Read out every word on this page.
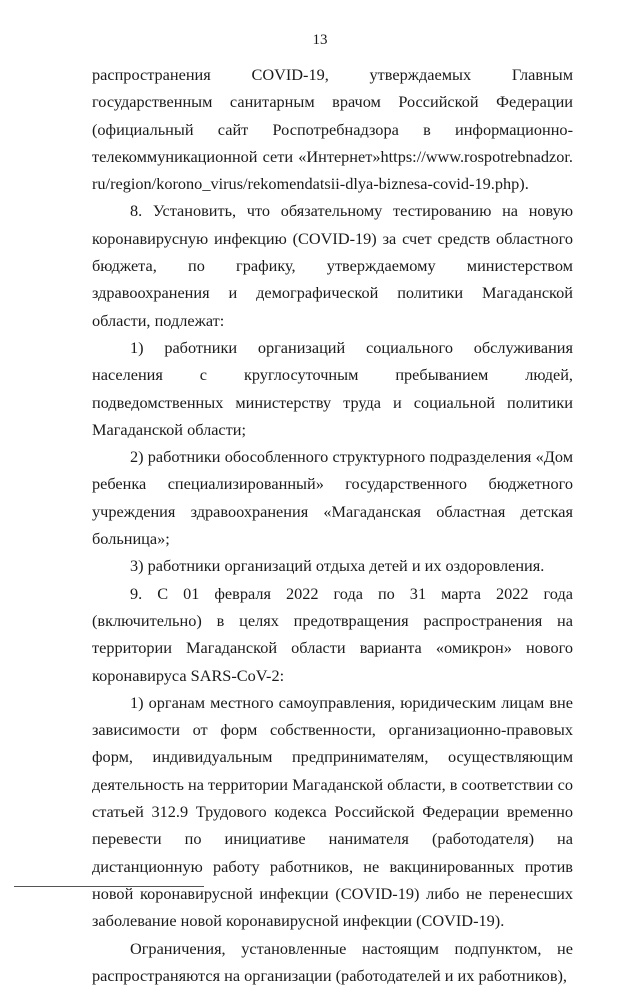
13

распространения COVID-19, утверждаемых Главным государственным санитарным врачом Российской Федерации (официальный сайт Роспотребнадзора в информационно-телекоммуникационной сети «Интернет»https://www.rospotrebnadzor.ru/region/korono_virus/rekomendatsii-dlya-biznesa-covid-19.php).

8. Установить, что обязательному тестированию на новую коронавирусную инфекцию (COVID-19) за счет средств областного бюджета, по графику, утверждаемому министерством здравоохранения и демографической политики Магаданской области, подлежат:

1) работники организаций социального обслуживания населения с круглосуточным пребыванием людей, подведомственных министерству труда и социальной политики Магаданской области;

2) работники обособленного структурного подразделения «Дом ребенка специализированный» государственного бюджетного учреждения здравоохранения «Магаданская областная детская больница»;

3) работники организаций отдыха детей и их оздоровления.

9. С 01 февраля 2022 года по 31 марта 2022 года (включительно) в целях предотвращения распространения на территории Магаданской области варианта «омикрон» нового коронавируса SARS-CoV-2:

1) органам местного самоуправления, юридическим лицам вне зависимости от форм собственности, организационно-правовых форм, индивидуальным предпринимателям, осуществляющим деятельность на территории Магаданской области, в соответствии со статьей 312.9 Трудового кодекса Российской Федерации временно перевести по инициативе нанимателя (работодателя) на дистанционную работу работников, не вакцинированных против новой коронавирусной инфекции (COVID-19) либо не перенесших заболевание новой коронавирусной инфекции (COVID-19).

Ограничения, установленные настоящим подпунктом, не распространяются на организации (работодателей и их работников),
